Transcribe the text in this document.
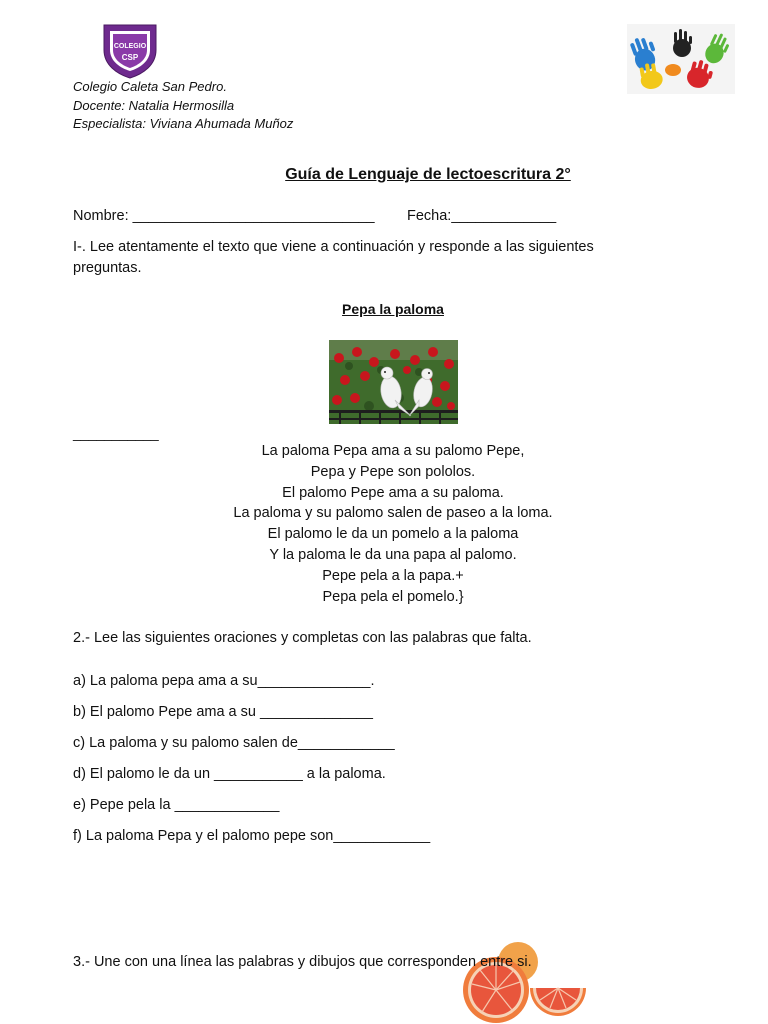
COLEGIO
CSP
Colegio Caleta San Pedro.
Docente: Natalia Hermosilla
Especialista: Viviana Ahumada Muñoz
Guía de Lenguaje de lectoescritura 2°
Nombre: ______________________________ Fecha:_____________
I-. Lee atentamente el texto que viene a continuación y responde a las siguientes
preguntas.
Pepa la paloma
___________
La paloma Pepa ama a su palomo Pepe,
Pepa y Pepe son pololos.
El palomo Pepe ama a su paloma.
La paloma y su palomo salen de paseo a la loma.
El palomo le da un pomelo a la paloma
Y la paloma le da una papa al palomo.
Pepe pela a la papa.+
Pepa pela el pomelo.}
2.- Lee las siguientes oraciones y completas con las palabras que falta.
a) La paloma pepa ama a su______________.
b) El palomo Pepe ama a su ______________
c) La paloma y su palomo salen de____________
d) El palomo le da un ___________ a la paloma.
e) Pepe pela la _____________
f) La paloma Pepa y el palomo pepe son____________
3.- Une con una línea las palabras y dibujos que corresponden entre si.
